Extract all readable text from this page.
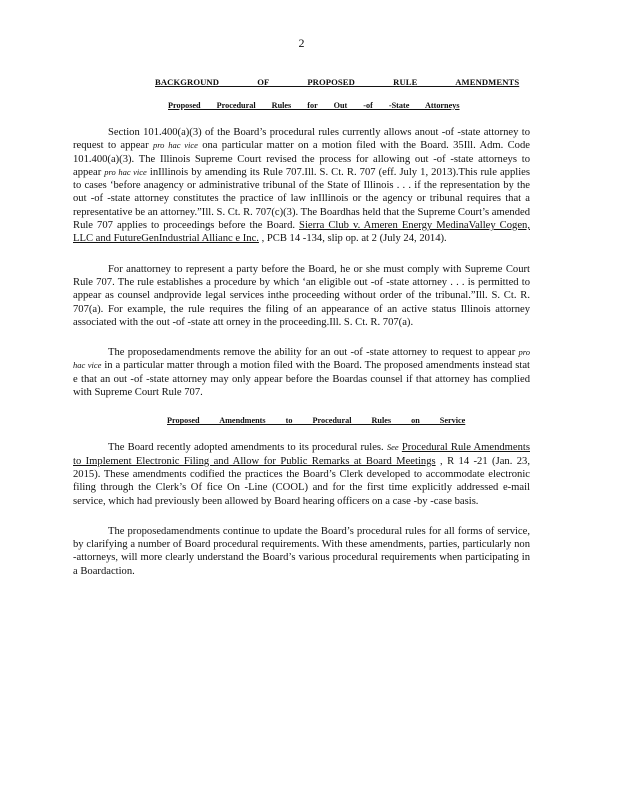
2
BACKGROUND OF PROPOSED RULE AMENDMENTS
Proposed Procedural Rules for Out -of -State Attorneys

Section 101.400(a)(3) of the Board’s procedural rules currently allows anout -of -state attorney to request to appear pro hac vice ona particular matter on a motion filed with the Board. 35Ill. Adm. Code 101.400(a)(3). The Illinois Supreme Court revised the process for allowing out -of -state attorneys to appear pro hac vice inIllinois by amending its Rule 707.Ill. S. Ct. R. 707 (eff. July 1, 2013).This rule applies to cases ‘before anagency or administrative tribunal of the State of Illinois . . . if the representation by the out -of -state attorney constitutes the practice of law inIllinois or the agency or tribunal requires that a representative be an attorney.”Ill. S. Ct. R. 707(c)(3). The Boardhas held that the Supreme Court’s amended Rule 707 applies to proceedings before the Board. Sierra Club v. Ameren Energy MedinaValley Cogen, LLC and FutureGenIndustrial Allianc e Inc. , PCB 14 -134, slip op. at 2 (July 24, 2014).

For anattorney to represent a party before the Board, he or she must comply with Supreme Court Rule 707. The rule establishes a procedure by which ‘an eligible out -of -state attorney . . . is permitted to appear as counsel andprovide legal services inthe proceeding without order of the tribunal.”Ill. S. Ct. R. 707(a). For example, the rule requires the filing of an appearance of an active status Illinois attorney associated with the out -of -state att orney in the proceeding.Ill. S. Ct. R. 707(a).

The proposedamendments remove the ability for an out -of -state attorney to request to appear pro hac vice in a particular matter through a motion filed with the Board. The proposed amendments instead stat e that an out -of -state attorney may only appear before the Boardas counsel if that attorney has complied with Supreme Court Rule 707.

Proposed Amendments to Procedural Rules on Service

The Board recently adopted amendments to its procedural rules. See Procedural Rule Amendments to Implement Electronic Filing and Allow for Public Remarks at Board Meetings , R 14 -21 (Jan. 23, 2015). These amendments codified the practices the Board’s Clerk developed to accommodate electronic filing through the Clerk’s Of fice On -Line (COOL) and for the first time explicitly addressed e-mail service, which had previously been allowed by Board hearing officers on a case -by -case basis.

The proposedamendments continue to update the Board’s procedural rules for all forms of service, by clarifying a number of Board procedural requirements. With these amendments, parties, particularly non -attorneys, will more clearly understand the Board’s various procedural requirements when participating in a Boardaction.
